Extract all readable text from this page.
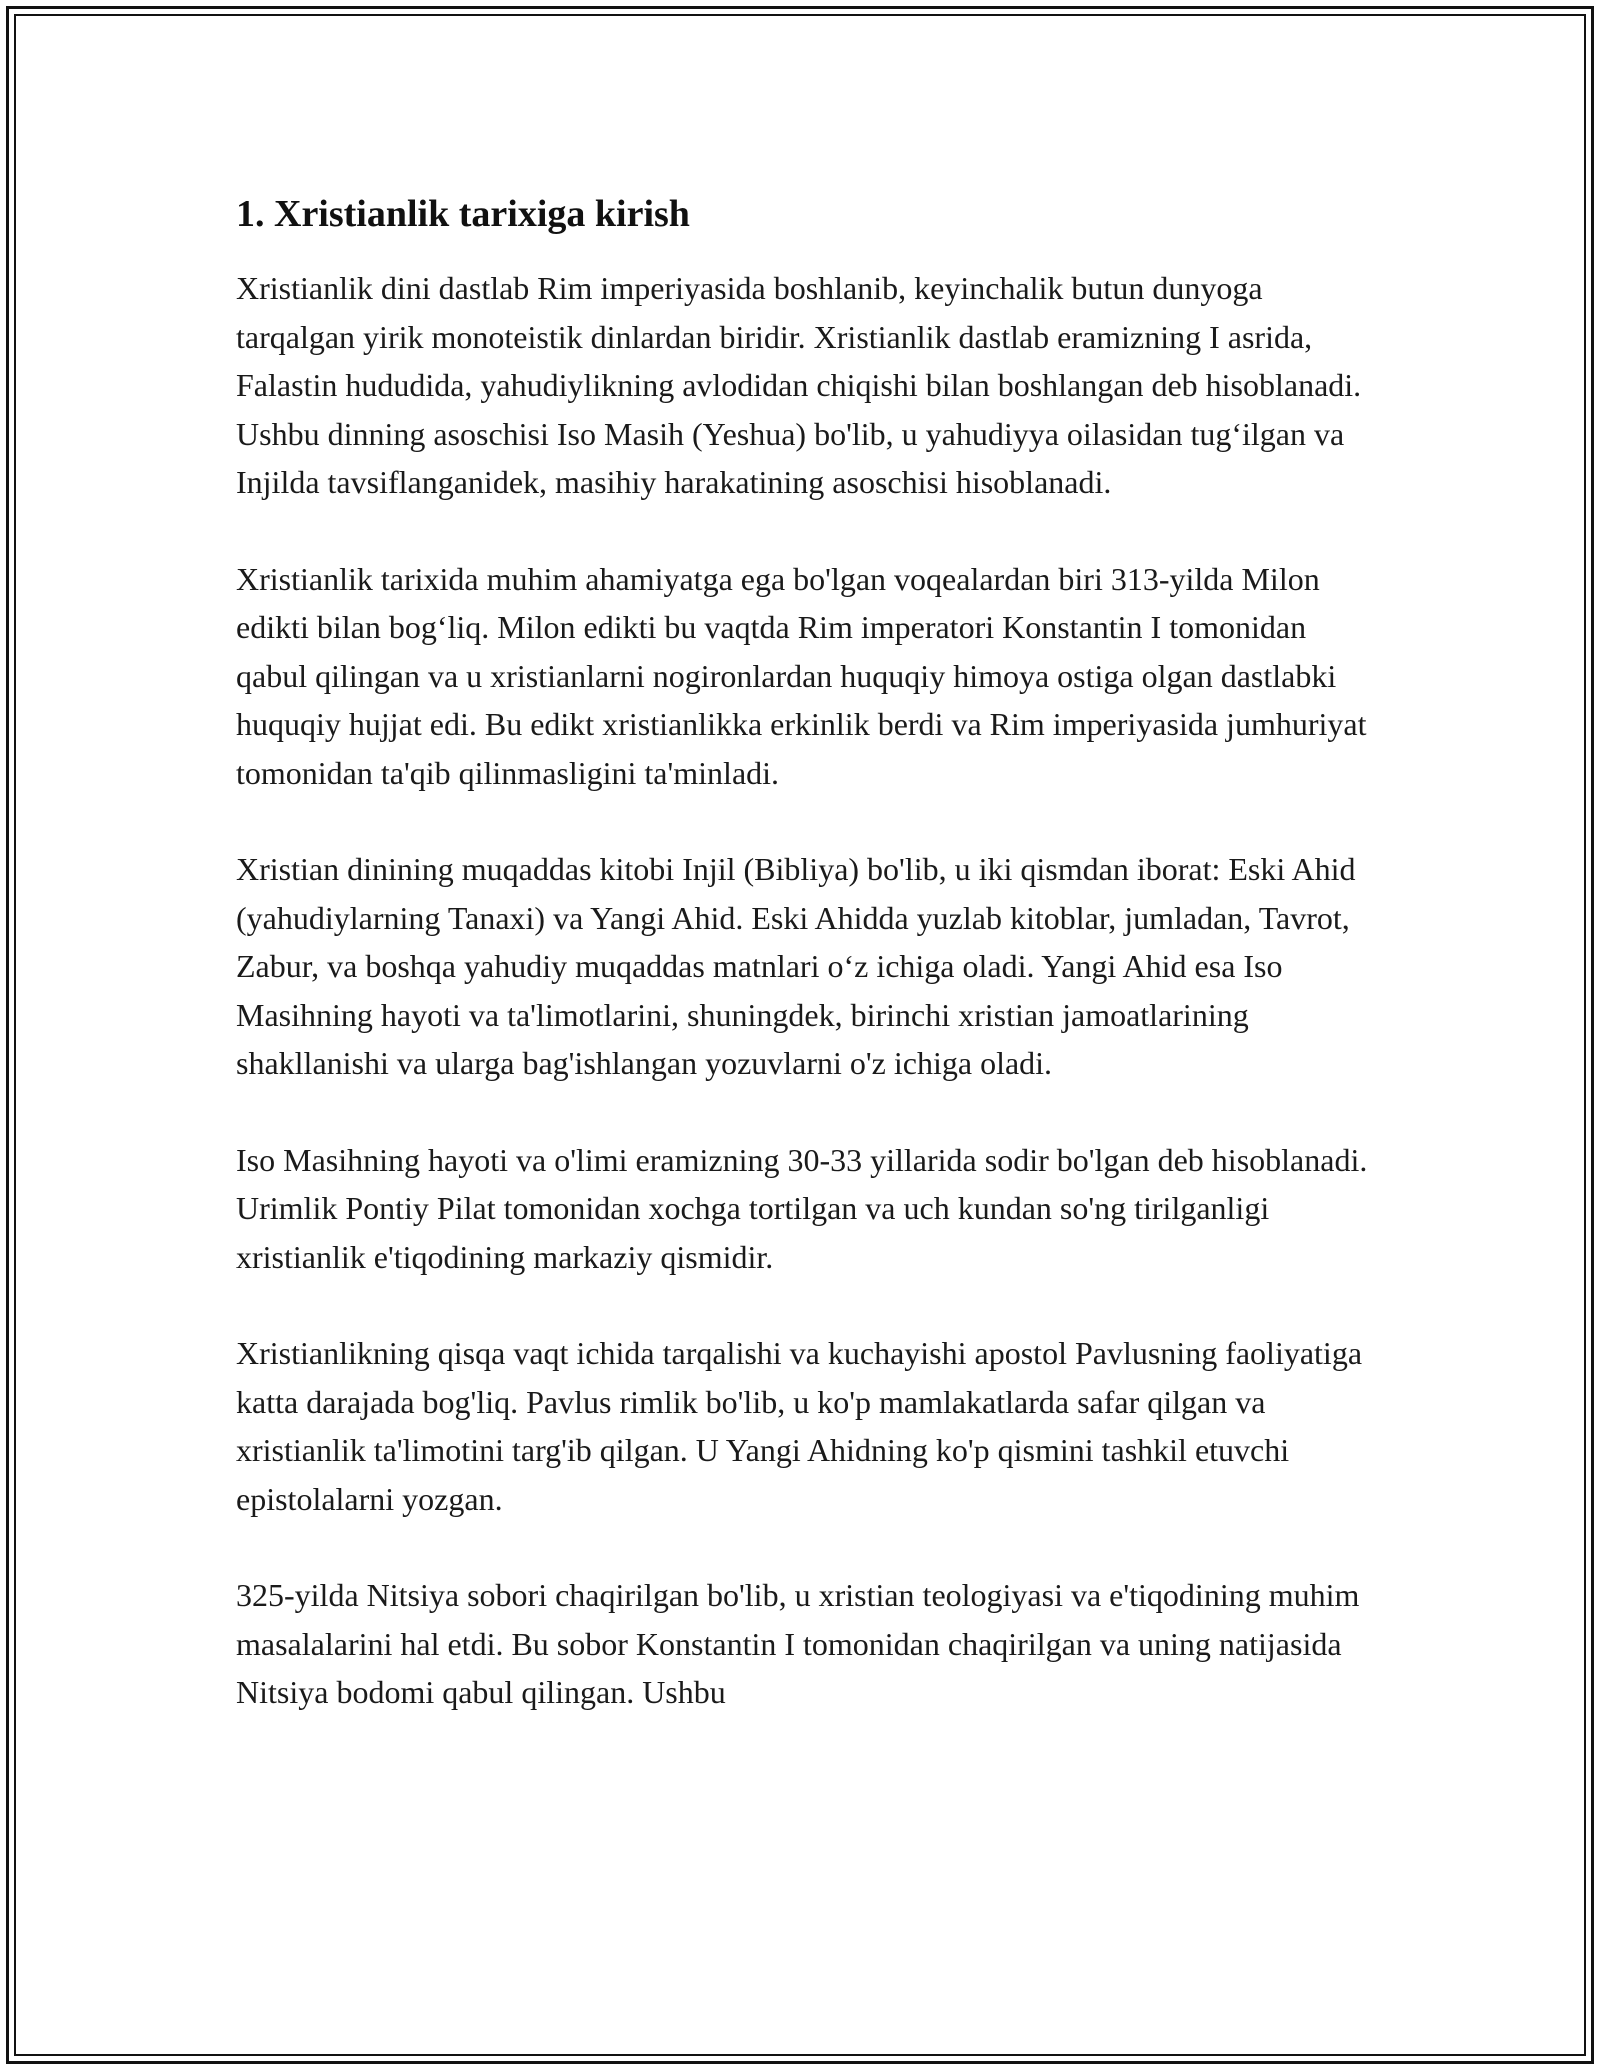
1. Xristianlik tarixiga kirish

Xristianlik dini dastlab Rim imperiyasida boshlanib, keyinchalik butun dunyoga tarqalgan yirik monoteistik dinlardan biridir. Xristianlik dastlab eramizning I asrida, Falastin hududida, yahudiylikning avlodidan chiqishi bilan boshlangan deb hisoblanadi. Ushbu dinning asoschisi Iso Masih (Yeshua) bo'lib, u yahudiyya oilasidan tug‘ilgan va Injilda tavsiflanganidek, masihiy harakatining asoschisi hisoblanadi.

Xristianlik tarixida muhim ahamiyatga ega bo'lgan voqealardan biri 313-yilda Milon edikti bilan bog‘liq. Milon edikti bu vaqtda Rim imperatori Konstantin I tomonidan qabul qilingan va u xristianlarni nogironlardan huquqiy himoya ostiga olgan dastlabki huquqiy hujjat edi. Bu edikt xristianlikka erkinlik berdi va Rim imperiyasida jumhuriyat tomonidan ta'qib qilinmasligini ta'minladi.

Xristian dinining muqaddas kitobi Injil (Bibliya) bo'lib, u iki qismdan iborat: Eski Ahid (yahudiylarning Tanaxi) va Yangi Ahid. Eski Ahidda yuzlab kitoblar, jumladan, Tavrot, Zabur, va boshqa yahudiy muqaddas matnlari o‘z ichiga oladi. Yangi Ahid esa Iso Masihning hayoti va ta'limotlarini, shuningdek, birinchi xristian jamoatlarining shakllanishi va ularga bag'ishlangan yozuvlarni o'z ichiga oladi.

Iso Masihning hayoti va o'limi eramizning 30-33 yillarida sodir bo'lgan deb hisoblanadi. Urimlik Pontiy Pilat tomonidan xochga tortilgan va uch kundan so'ng tirilganligi xristianlik e'tiqodining markaziy qismidir.

Xristianlikning qisqa vaqt ichida tarqalishi va kuchayishi apostol Pavlusning faoliyatiga katta darajada bog'liq. Pavlus rimlik bo'lib, u ko'p mamlakatlarda safar qilgan va xristianlik ta'limotini targ'ib qilgan. U Yangi Ahidning ko'p qismini tashkil etuvchi epistolalarni yozgan.

325-yilda Nitsiya sobori chaqirilgan bo'lib, u xristian teologiyasi va e'tiqodining muhim masalalarini hal etdi. Bu sobor Konstantin I tomonidan chaqirilgan va uning natijasida Nitsiya bodomi qabul qilingan. Ushbu
